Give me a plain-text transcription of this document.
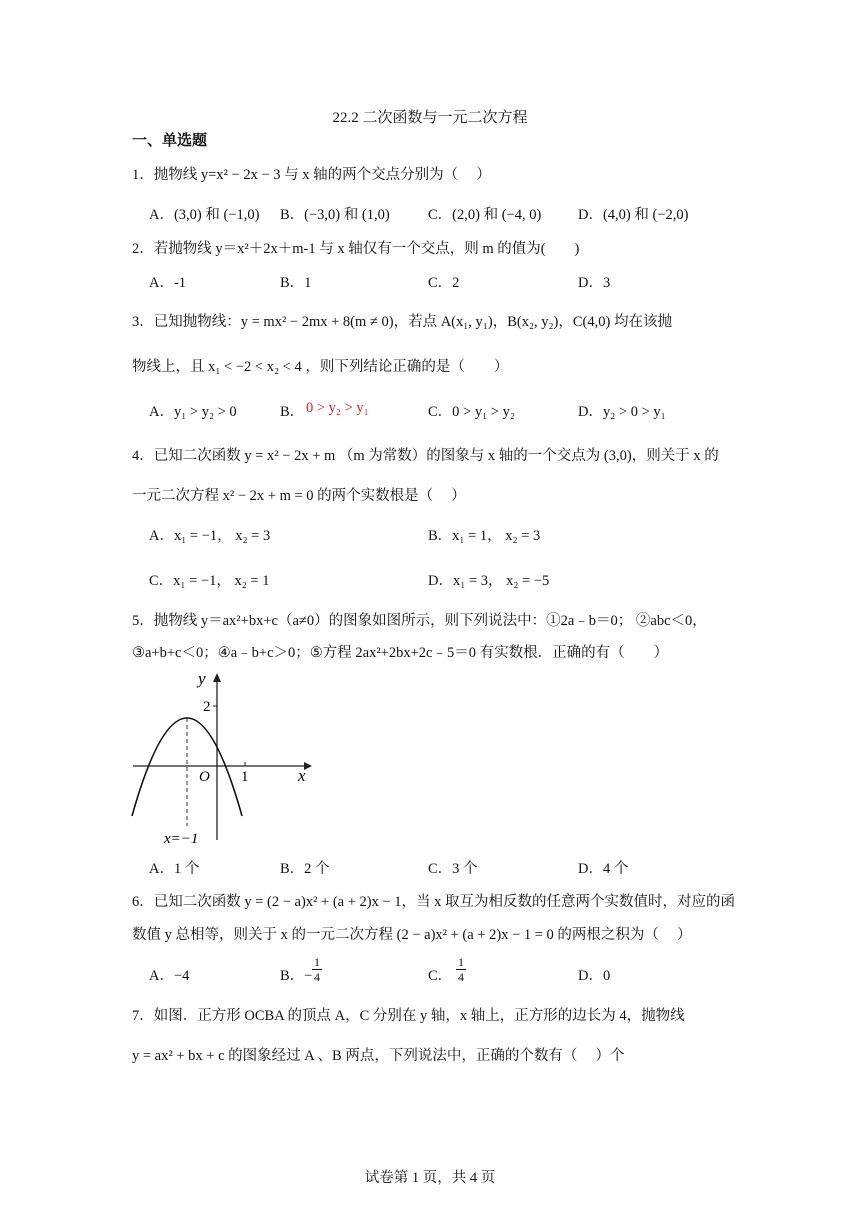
22.2 二次函数与一元二次方程
一、单选题
1．抛物线 y=x² − 2x − 3 与 x 轴的两个交点分别为（　 ）
A．(3,0) 和 (−1,0) B．(−3,0) 和 (1,0)	C．(2,0) 和 (−4, 0)	D．(4,0) 和 (−2,0)
2．若抛物线 y＝x²＋2x＋m-1 与 x 轴仅有一个交点，则 m 的值为(　　)
A．-1	B．1	C．2	D．3
3．已知抛物线：y = mx² − 2mx + 8(m ≠ 0)，若点 A(x₁, y₁)，B(x₂, y₂)，C(4,0) 均在该抛
物线上，且 x₁ < −2 < x₂ < 4 ，则下列结论正确的是（　　）
A．y₁ > y₂ > 0	B． 0 > y₂ > y₁	C．0 > y₁ > y₂	D．y₂ > 0 > y₁
4．已知二次函数 y = x² − 2x + m （m 为常数）的图象与 x 轴的一个交点为 (3,0)，则关于 x 的
一元二次方程 x² − 2x + m = 0 的两个实数根是（　 ）
A．x₁ = −1， x₂ = 3	B．x₁ = 1， x₂ = 3
C．x₁ = −1， x₂ = 1	D．x₁ = 3， x₂ = −5
5．抛物线 y＝ax²+bx+c（a≠0）的图象如图所示，则下列说法中：①2a﹣b＝0； ②abc＜0，
③a+b+c＜0；④a﹣b+c＞0；⑤方程 2ax²+2bx+2c﹣5＝0 有实数根．正确的有（　　）
y
2
O 1	x
x=−1
A．1 个	B．2 个	C．3 个	D．4 个
6．已知二次函数 y = (2 − a)x² + (a + 2)x − 1，当 x 取互为相反数的任意两个实数值时，对应的函
数值 y 总相等，则关于 x 的一元二次方程 (2 − a)x² + (a + 2)x − 1 = 0 的两根之积为（　 ）
A．−4	B．− $\frac{1}{4}$	C． $\frac{1}{4}$	D．0
7．如图．正方形 OCBA 的顶点 A，C 分别在 y 轴，x 轴上，正方形的边长为 4，抛物线
y = ax² + bx + c 的图象经过 A 、B 两点，下列说法中，正确的个数有（　 ）个
试卷第 1 页，共 4 页
